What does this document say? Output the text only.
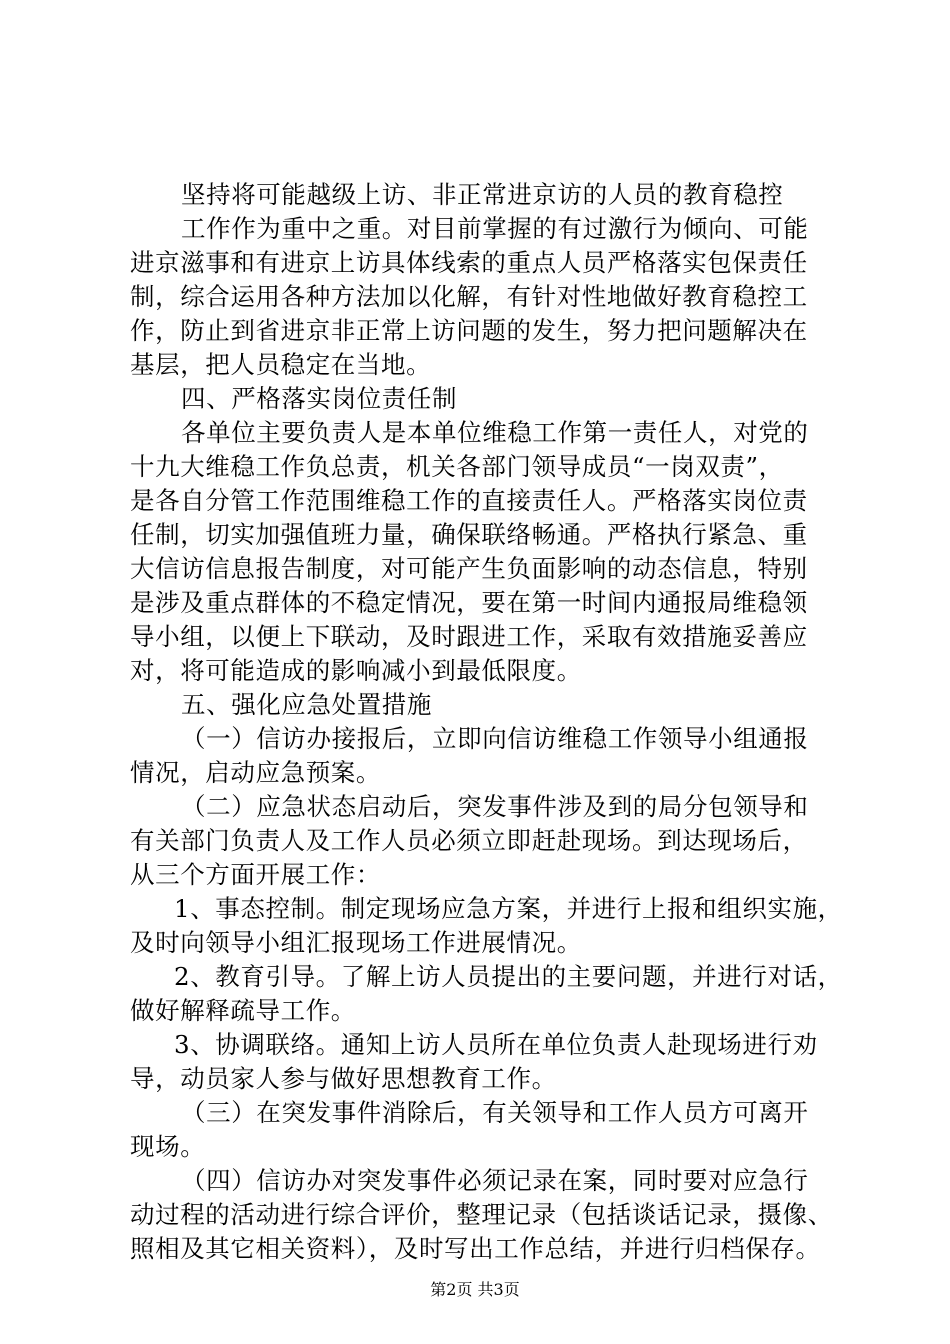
坚持将可能越级上访、非正常进京访的人员的教育稳控
工作作为重中之重。对目前掌握的有过激行为倾向、可能
进京滋事和有进京上访具体线索的重点人员严格落实包保责任
制，综合运用各种方法加以化解，有针对性地做好教育稳控工
作，防止到省进京非正常上访问题的发生，努力把问题解决在
基层，把人员稳定在当地。
四、严格落实岗位责任制
各单位主要负责人是本单位维稳工作第一责任人，对党的
十九大维稳工作负总责，机关各部门领导成员“一岗双责”，
是各自分管工作范围维稳工作的直接责任人。严格落实岗位责
任制，切实加强值班力量，确保联络畅通。严格执行紧急、重
大信访信息报告制度，对可能产生负面影响的动态信息，特别
是涉及重点群体的不稳定情况，要在第一时间内通报局维稳领
导小组，以便上下联动，及时跟进工作，采取有效措施妥善应
对，将可能造成的影响减小到最低限度。
五、强化应急处置措施
（一）信访办接报后，立即向信访维稳工作领导小组通报
情况，启动应急预案。
（二）应急状态启动后，突发事件涉及到的局分包领导和
有关部门负责人及工作人员必须立即赶赴现场。到达现场后，
从三个方面开展工作：
1、事态控制。制定现场应急方案，并进行上报和组织实施，
及时向领导小组汇报现场工作进展情况。
2、教育引导。了解上访人员提出的主要问题，并进行对话，
做好解释疏导工作。
3、协调联络。通知上访人员所在单位负责人赴现场进行劝
导，动员家人参与做好思想教育工作。
（三）在突发事件消除后，有关领导和工作人员方可离开
现场。
（四）信访办对突发事件必须记录在案，同时要对应急行
动过程的活动进行综合评价，整理记录（包括谈话记录，摄像、
照相及其它相关资料），及时写出工作总结，并进行归档保存。
第2页 共3页
